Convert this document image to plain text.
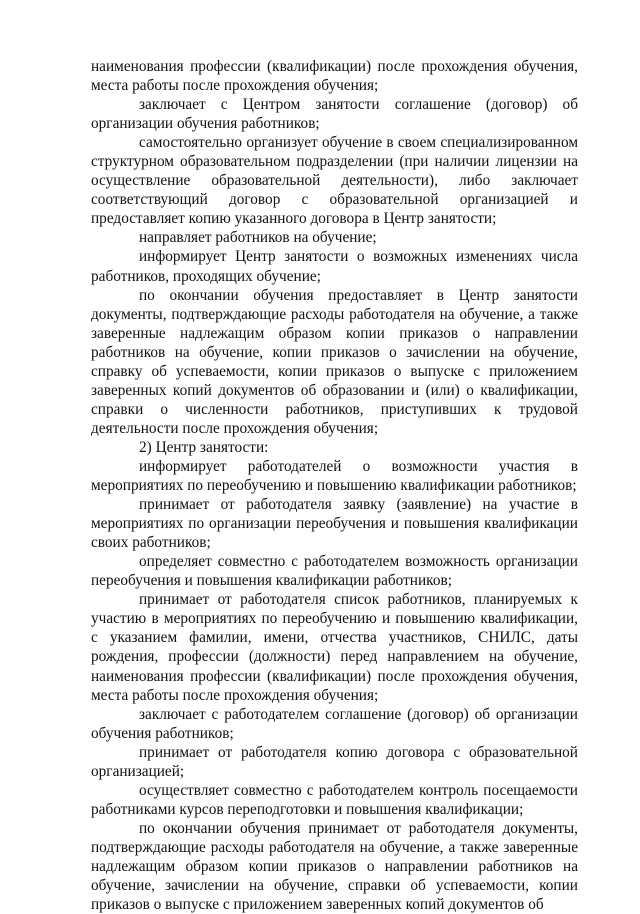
наименования профессии (квалификации) после прохождения обучения, места работы после прохождения обучения;

заключает с Центром занятости соглашение (договор) об организации обучения работников;

самостоятельно организует обучение в своем специализированном структурном образовательном подразделении (при наличии лицензии на осуществление образовательной деятельности), либо заключает соответствующий договор с образовательной организацией и предоставляет копию указанного договора в Центр занятости;

направляет работников на обучение;

информирует Центр занятости о возможных изменениях числа работников, проходящих обучение;

по окончании обучения предоставляет в Центр занятости документы, подтверждающие расходы работодателя на обучение, а также заверенные надлежащим образом копии приказов о направлении работников на обучение, копии приказов о зачислении на обучение, справку об успеваемости, копии приказов о выпуске с приложением заверенных копий документов об образовании и (или) о квалификации, справки о численности работников, приступивших к трудовой деятельности после прохождения обучения;

2) Центр занятости:

информирует работодателей о возможности участия в мероприятиях по переобучению и повышению квалификации работников;

принимает от работодателя заявку (заявление) на участие в мероприятиях по организации переобучения и повышения квалификации своих работников;

определяет совместно с работодателем возможность организации переобучения и повышения квалификации работников;

принимает от работодателя список работников, планируемых к участию в мероприятиях по переобучению и повышению квалификации, с указанием фамилии, имени, отчества участников, СНИЛС, даты рождения, профессии (должности) перед направлением на обучение, наименования профессии (квалификации) после прохождения обучения, места работы после прохождения обучения;

заключает с работодателем соглашение (договор) об организации обучения работников;

принимает от работодателя копию договора с образовательной организацией;

осуществляет совместно с работодателем контроль посещаемости работниками курсов переподготовки и повышения квалификации;

по окончании обучения принимает от работодателя документы, подтверждающие расходы работодателя на обучение, а также заверенные надлежащим образом копии приказов о направлении работников на обучение, зачислении на обучение, справки об успеваемости, копии приказов о выпуске с приложением заверенных копий документов об
